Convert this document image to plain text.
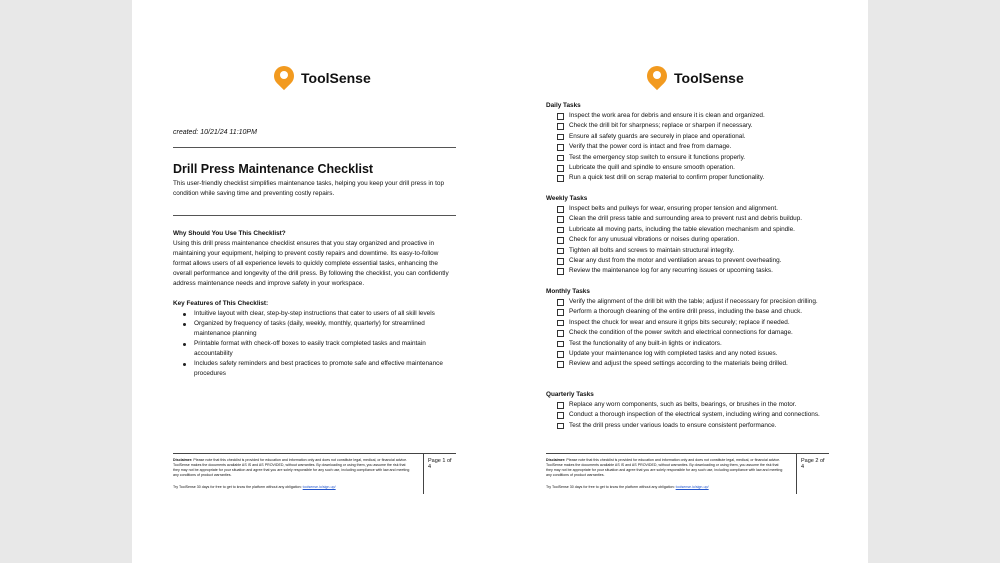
ToolSense

created: 10/21/24 11:10PM

Drill Press Maintenance Checklist

This user-friendly checklist simplifies maintenance tasks, helping you keep your drill press in top condition while saving time and preventing costly repairs.

Why Should You Use This Checklist?

Using this drill press maintenance checklist ensures that you stay organized and proactive in maintaining your equipment, helping to prevent costly repairs and downtime. Its easy-to-follow format allows users of all experience levels to quickly complete essential tasks, enhancing the overall performance and longevity of the drill press. By following the checklist, you can confidently address maintenance needs and improve safety in your workspace.

Key Features of This Checklist:

Intuitive layout with clear, step-by-step instructions that cater to users of all skill levels
Organized by frequency of tasks (daily, weekly, monthly, quarterly) for streamlined maintenance planning
Printable format with check-off boxes to easily track completed tasks and maintain accountability
Includes safety reminders and best practices to promote safe and effective maintenance procedures
Disclaimer: Please note that this checklist is provided for education and information only and does not constitute legal, medical, or financial advice. ToolSense makes the documents available AS IS and AS PROVIDED, without warranties. By downloading or using them, you assume the risk that they may not be appropriate for your situation and agree that you are solely responsible for any such use, including compliance with law and meeting any conditions of product warranties.
Page 1 of 4
Try ToolSense 30 days for free to get to know the platform without any obligation: toolsense.io/sign-up/
ToolSense

Daily Tasks

Inspect the work area for debris and ensure it is clean and organized.
Check the drill bit for sharpness; replace or sharpen if necessary.
Ensure all safety guards are securely in place and operational.
Verify that the power cord is intact and free from damage.
Test the emergency stop switch to ensure it functions properly.
Lubricate the quill and spindle to ensure smooth operation.
Run a quick test drill on scrap material to confirm proper functionality.

Weekly Tasks

Inspect belts and pulleys for wear, ensuring proper tension and alignment.
Clean the drill press table and surrounding area to prevent rust and debris buildup.
Lubricate all moving parts, including the table elevation mechanism and spindle.
Check for any unusual vibrations or noises during operation.
Tighten all bolts and screws to maintain structural integrity.
Clear any dust from the motor and ventilation areas to prevent overheating.
Review the maintenance log for any recurring issues or upcoming tasks.

Monthly Tasks

Verify the alignment of the drill bit with the table; adjust if necessary for precision drilling.
Perform a thorough cleaning of the entire drill press, including the base and chuck.
Inspect the chuck for wear and ensure it grips bits securely; replace if needed.
Check the condition of the power switch and electrical connections for damage.
Test the functionality of any built-in lights or indicators.
Update your maintenance log with completed tasks and any noted issues.
Review and adjust the speed settings according to the materials being drilled.

Quarterly Tasks

Replace any worn components, such as belts, bearings, or brushes in the motor.
Conduct a thorough inspection of the electrical system, including wiring and connections.
Test the drill press under various loads to ensure consistent performance.
Disclaimer: Please note that this checklist is provided for education and information only and does not constitute legal, medical, or financial advice. ToolSense makes the documents available AS IS and AS PROVIDED, without warranties. By downloading or using them, you assume the risk that they may not be appropriate for your situation and agree that you are solely responsible for any such use, including compliance with law and meeting any conditions of product warranties.
Page 2 of 4
Try ToolSense 30 days for free to get to know the platform without any obligation: toolsense.io/sign-up/
